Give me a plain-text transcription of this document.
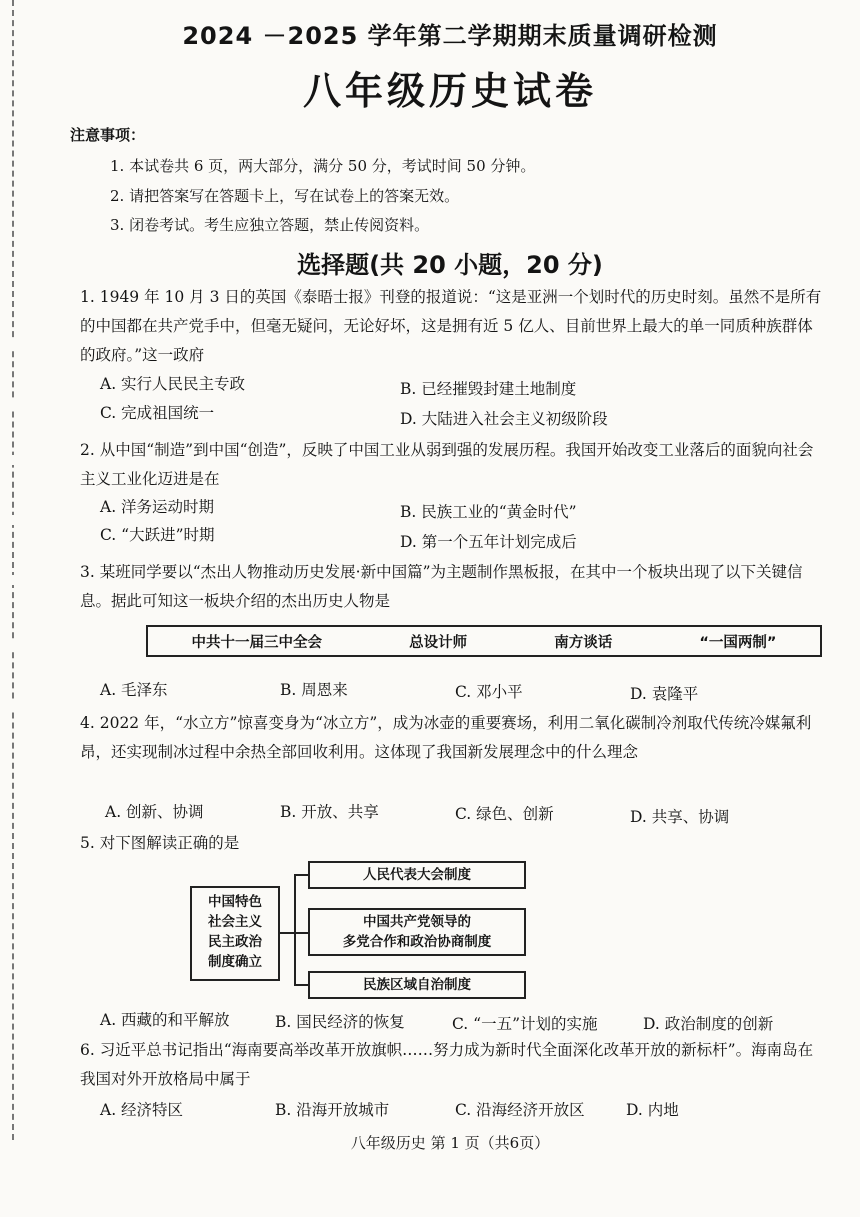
2024 －2025 学年第二学期期末质量调研检测
八年级历史试卷
注意事项：
1. 本试卷共 6 页，两大部分，满分 50 分，考试时间 50 分钟。
2. 请把答案写在答题卡上，写在试卷上的答案无效。
3. 闭卷考试。考生应独立答题，禁止传阅资料。
选择题(共 20 小题，20 分)
1. 1949 年 10 月 3 日的英国《泰晤士报》刊登的报道说：“这是亚洲一个划时代的历史时刻。虽然不是所有的中国都在共产党手中，但毫无疑问，无论好坏，这是拥有近 5 亿人、目前世界上最大的单一同质种族群体的政府。”这一政府
A. 实行人民民主专政	B. 已经摧毁封建土地制度
C. 完成祖国统一	D. 大陆进入社会主义初级阶段
2. 从中国“制造”到中国“创造”，反映了中国工业从弱到强的发展历程。我国开始改变工业落后的面貌向社会主义工业化迈进是在
A. 洋务运动时期	B. 民族工业的“黄金时代”
C. “大跃进”时期	D. 第一个五年计划完成后
3. 某班同学要以“杰出人物推动历史发展·新中国篇”为主题制作黑板报，在其中一个板块出现了以下关键信息。据此可知这一板块介绍的杰出历史人物是
中共十一届三中全会	总设计师	南方谈话	“一国两制”
A. 毛泽东	B. 周恩来	C. 邓小平	D. 袁隆平
4. 2022 年，“水立方”惊喜变身为“冰立方”，成为冰壶的重要赛场，利用二氧化碳制冷剂取代传统冷媒氟利昂，还实现制冰过程中余热全部回收利用。这体现了我国新发展理念中的什么理念
A. 创新、协调	B. 开放、共享	C. 绿色、创新	D. 共享、协调
5. 对下图解读正确的是
中国特色
社会主义
民主政治
制度确立
人民代表大会制度
中国共产党领导的
多党合作和政治协商制度
民族区域自治制度
A. 西藏的和平解放	B. 国民经济的恢复	C. “一五”计划的实施	D. 政治制度的创新
6. 习近平总书记指出“海南要高举改革开放旗帜……努力成为新时代全面深化改革开放的新标杆”。海南岛在我国对外开放格局中属于
A. 经济特区	B. 沿海开放城市	C. 沿海经济开放区	D. 内地
八年级历史 第 1 页（共6页）
